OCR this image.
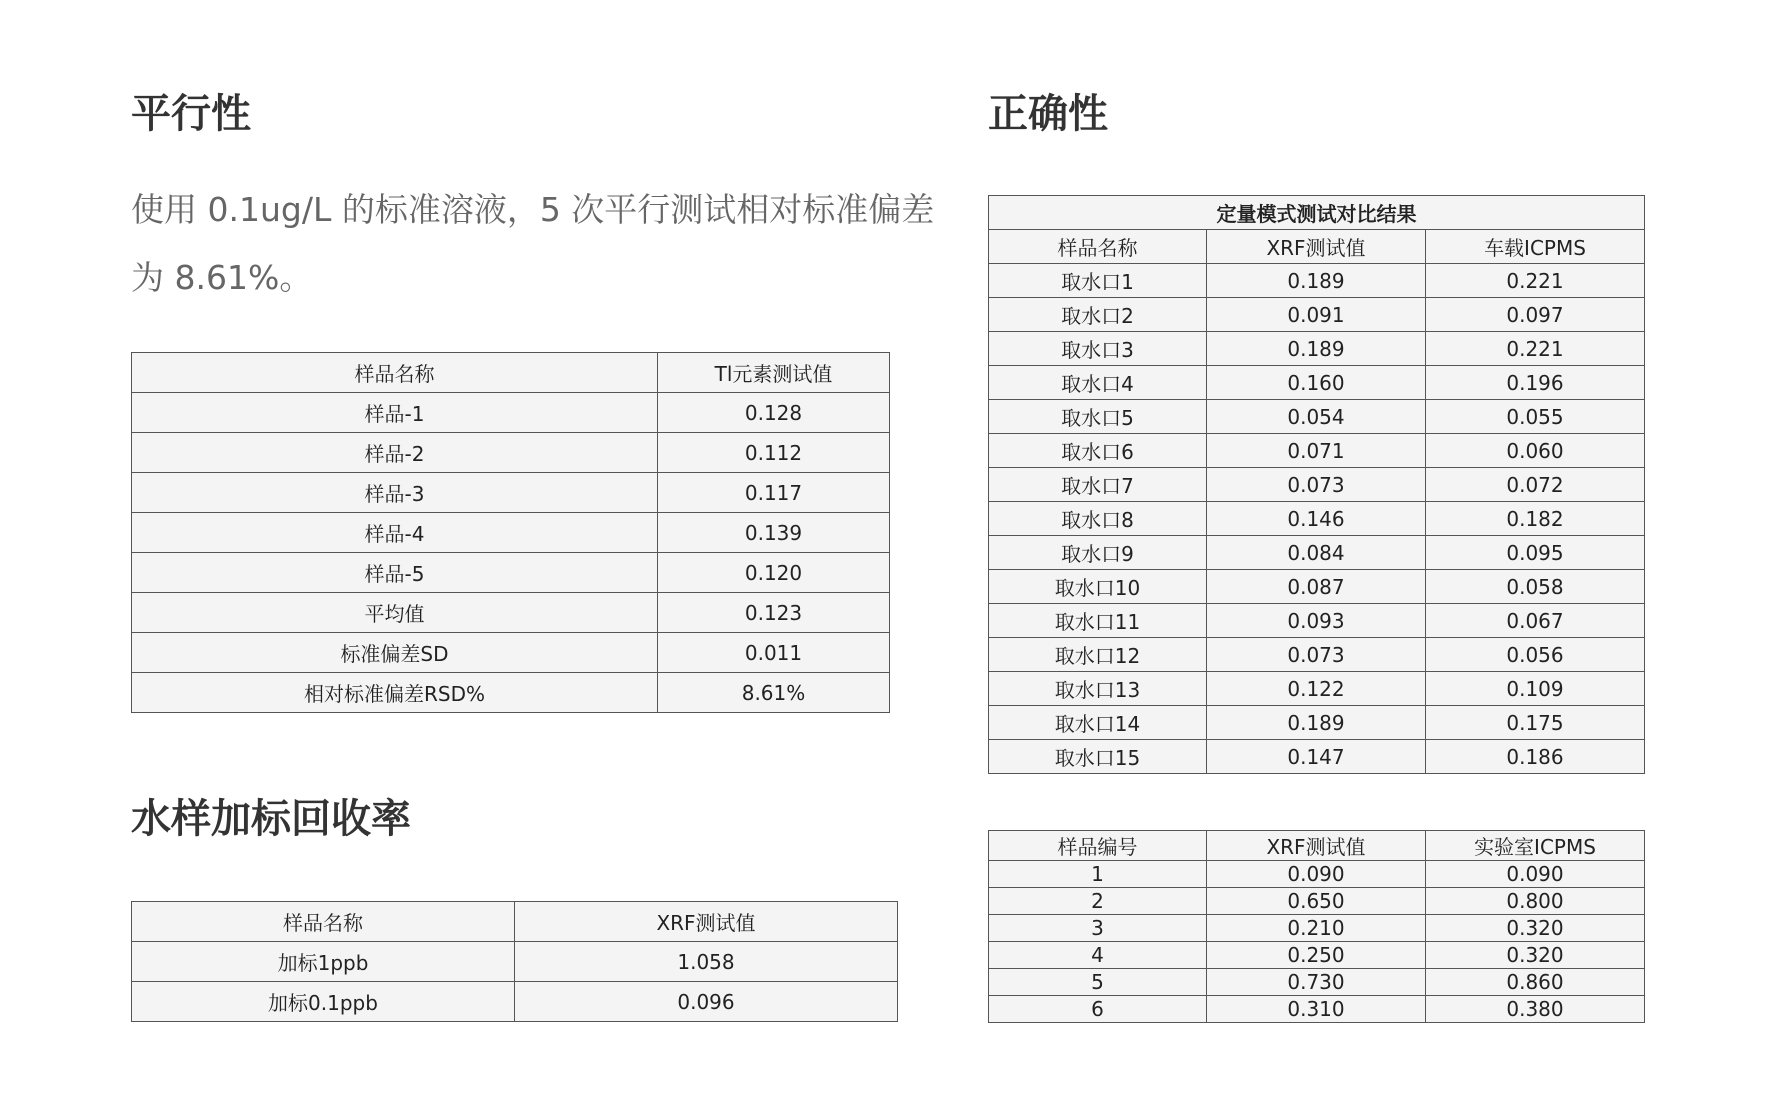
平行性

使用 0.1ug/L 的标准溶液，5 次平行测试相对标准偏差为 8.61%。

样品名称	Tl元素测试值
样品-1	0.128
样品-2	0.112
样品-3	0.117
样品-4	0.139
样品-5	0.120
平均值	0.123
标准偏差SD	0.011
相对标准偏差RSD%	8.61%
水样加标回收率
样品名称	XRF测试值
加标1ppb	1.058
加标0.1ppb	0.096
正确性
定量模式测试对比结果		
样品名称	XRF测试值	车载ICPMS
取水口1	0.189	0.221
取水口2	0.091	0.097
取水口3	0.189	0.221
取水口4	0.160	0.196
取水口5	0.054	0.055
取水口6	0.071	0.060
取水口7	0.073	0.072
取水口8	0.146	0.182
取水口9	0.084	0.095
取水口10	0.087	0.058
取水口11	0.093	0.067
取水口12	0.073	0.056
取水口13	0.122	0.109
取水口14	0.189	0.175
取水口15	0.147	0.186
样品编号	XRF测试值	实验室ICPMS
1	0.090	0.090
2	0.650	0.800
3	0.210	0.320
4	0.250	0.320
5	0.730	0.860
6	0.310	0.380
